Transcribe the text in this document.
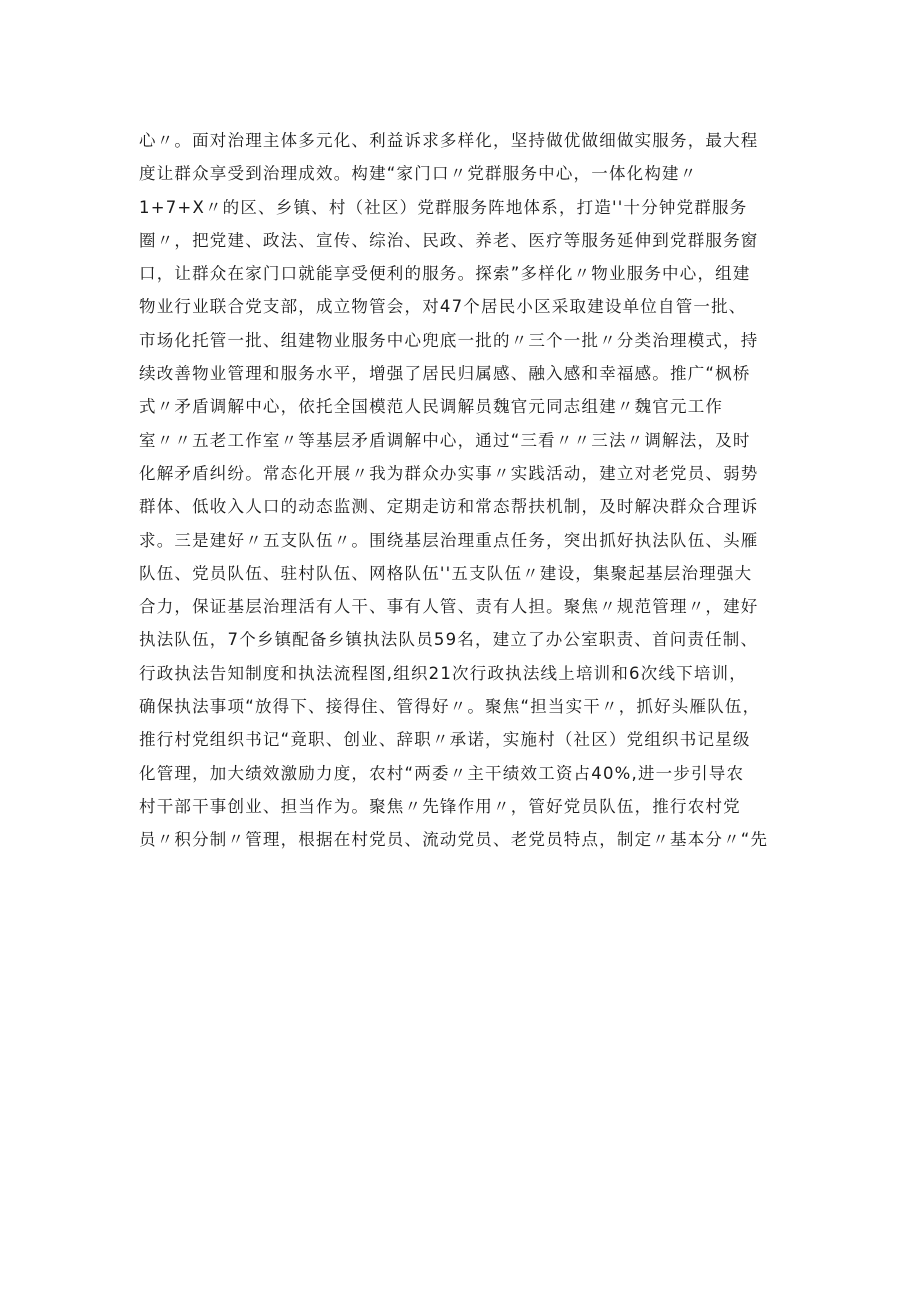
心〃。面对治理主体多元化、利益诉求多样化，坚持做优做细做实服务，最大程
度让群众享受到治理成效。构建“家门口〃党群服务中心，一体化构建〃
1+7+X〃的区、乡镇、村（社区）党群服务阵地体系，打造''十分钟党群服务
圈〃，把党建、政法、宣传、综治、民政、养老、医疗等服务延伸到党群服务窗
口，让群众在家门口就能享受便利的服务。探索”多样化〃物业服务中心，组建
物业行业联合党支部，成立物管会，对47个居民小区采取建设单位自管一批、
市场化托管一批、组建物业服务中心兜底一批的〃三个一批〃分类治理模式，持
续改善物业管理和服务水平，增强了居民归属感、融入感和幸福感。推广“枫桥
式〃矛盾调解中心，依托全国模范人民调解员魏官元同志组建〃魏官元工作
室〃〃五老工作室〃等基层矛盾调解中心，通过“三看〃〃三法〃调解法，及时
化解矛盾纠纷。常态化开展〃我为群众办实事〃实践活动，建立对老党员、弱势
群体、低收入人口的动态监测、定期走访和常态帮扶机制，及时解决群众合理诉
求。三是建好〃五支队伍〃。围绕基层治理重点任务，突出抓好执法队伍、头雁
队伍、党员队伍、驻村队伍、网格队伍''五支队伍〃建设，集聚起基层治理强大
合力，保证基层治理活有人干、事有人管、责有人担。聚焦〃规范管理〃，建好
执法队伍，7个乡镇配备乡镇执法队员59名，建立了办公室职责、首问责任制、
行政执法告知制度和执法流程图,组织21次行政执法线上培训和6次线下培训，
确保执法事项“放得下、接得住、管得好〃。聚焦“担当实干〃，抓好头雁队伍，
推行村党组织书记“竟职、创业、辞职〃承诺，实施村（社区）党组织书记星级
化管理，加大绩效激励力度，农村“两委〃主干绩效工资占40%,进一步引导农
村干部干事创业、担当作为。聚焦〃先锋作用〃，管好党员队伍，推行农村党
员〃积分制〃管理，根据在村党员、流动党员、老党员特点，制定〃基本分〃“先
